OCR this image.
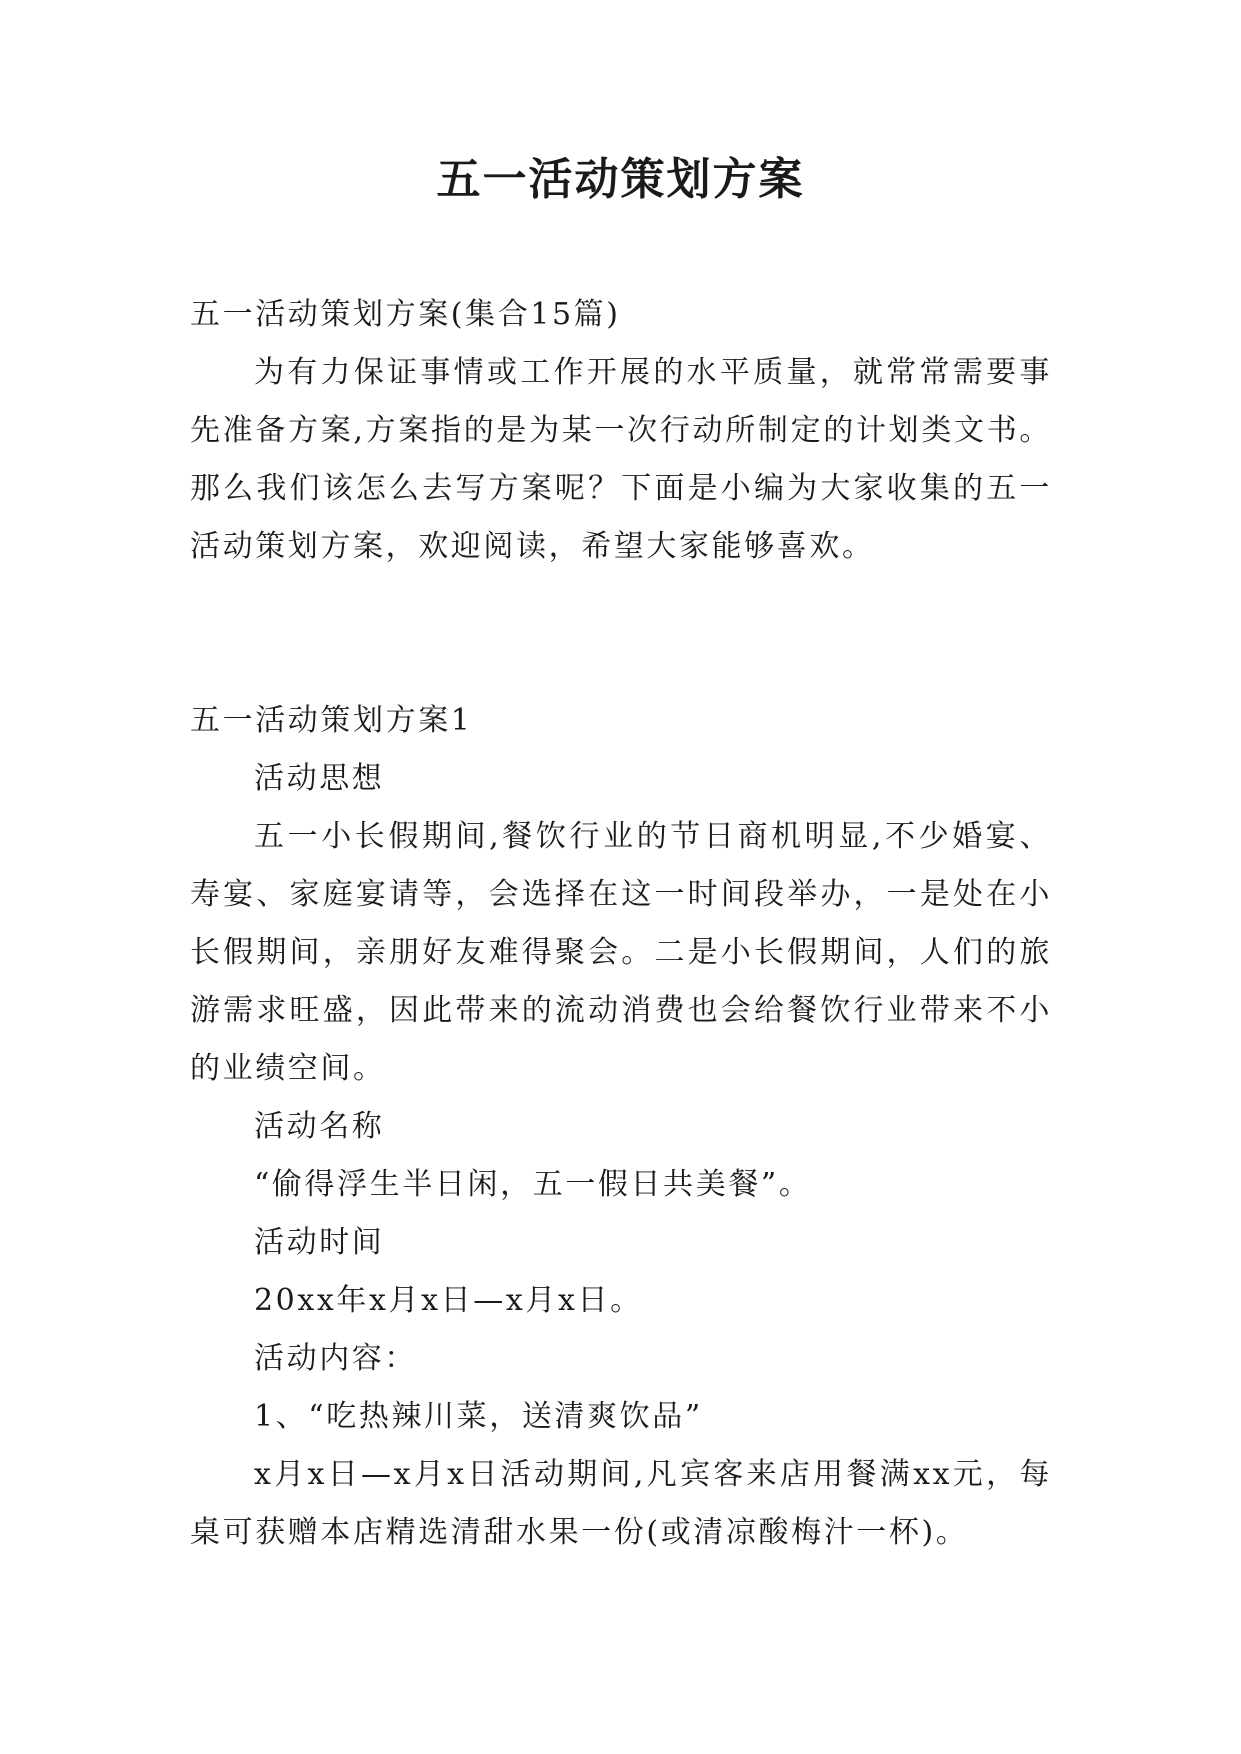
五一活动策划方案

五一活动策划方案(集合15篇)

为有力保证事情或工作开展的水平质量，就常常需要事先准备方案,方案指的是为某一次行动所制定的计划类文书。那么我们该怎么去写方案呢？下面是小编为大家收集的五一活动策划方案，欢迎阅读，希望大家能够喜欢。

五一活动策划方案1

活动思想

五一小长假期间,餐饮行业的节日商机明显,不少婚宴、寿宴、家庭宴请等，会选择在这一时间段举办，一是处在小长假期间，亲朋好友难得聚会。二是小长假期间，人们的旅游需求旺盛，因此带来的流动消费也会给餐饮行业带来不小的业绩空间。

活动名称

“偷得浮生半日闲，五一假日共美餐”。

活动时间

20xx年x月x日—x月x日。

活动内容：

1、“吃热辣川菜，送清爽饮品”

x月x日—x月x日活动期间,凡宾客来店用餐满xx元，每桌可获赠本店精选清甜水果一份(或清凉酸梅汁一杯)。
